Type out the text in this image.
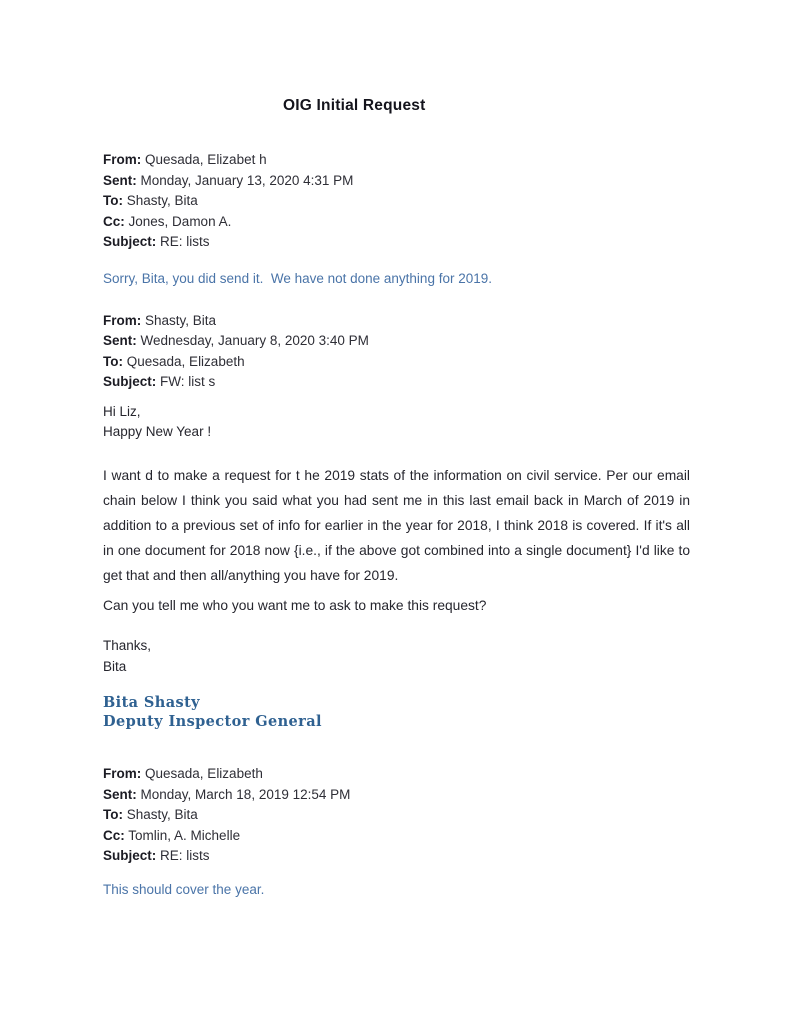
OIG Initial Request
From: Quesada, Elizabet h
Sent: Monday, January 13, 2020 4:31 PM
To: Shasty, Bita
Cc: Jones, Damon A.
Subject: RE: lists
Sorry, Bita, you did send it.  We have not done anything for 2019.
From: Shasty, Bita
Sent: Wednesday, January 8, 2020 3:40 PM
To: Quesada, Elizabeth
Subject: FW: list s
Hi Liz,
Happy New Year !

I want d to make a request for t he 2019 stats of the information on civil service. Per our email chain below I think you said what you had sent me in this last email back in March of 2019 in addition to a previous set of info for earlier in the year for 2018, I think 2018 is covered. If it's all in one document for 2018 now {i.e., if the above got combined into a single document} I'd like to get that and then all/anything you have for 2019.

Can you tell me who you want me to ask to make this request?
Thanks,
Bita
Bita Shasty
Deputy Inspector General
From: Quesada, Elizabeth
Sent: Monday, March 18, 2019 12:54 PM
To: Shasty, Bita
Cc: Tomlin, A. Michelle
Subject: RE: lists
This should cover the year.
